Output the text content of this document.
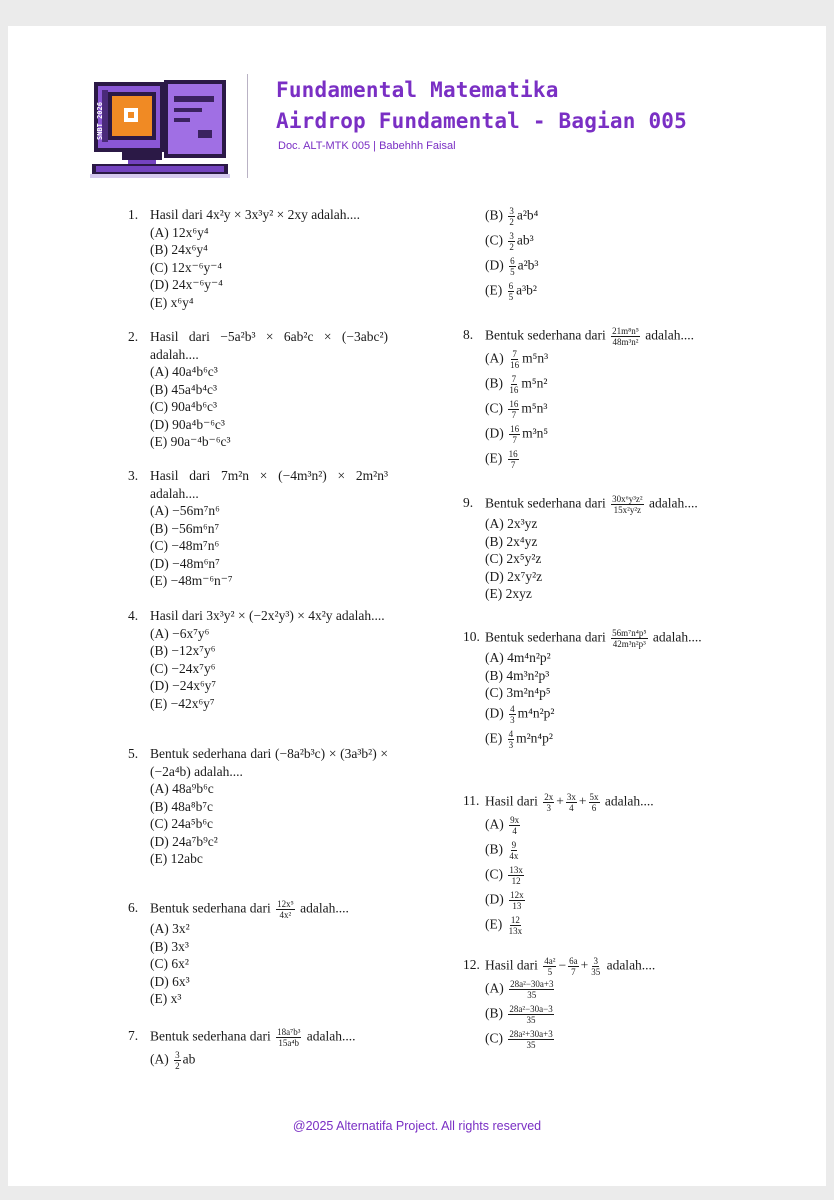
SNBT 2026
Fundamental Matematika
Airdrop Fundamental - Bagian 005
Doc. ALT-MTK 005 | Babehhh Faisal
1. Hasil dari 4x²y × 3x³y² × 2xy adalah....
(A) 12x⁶y⁴
(B) 24x⁶y⁴
(C) 12x⁻⁶y⁻⁴
(D) 24x⁻⁶y⁻⁴
(E) x⁶y⁴
2. Hasil dari −5a²b³ × 6ab²c × (−3abc²) adalah....
(A) 40a⁴b⁶c³
(B) 45a⁴b⁴c³
(C) 90a⁴b⁶c³
(D) 90a⁴b⁻⁶c³
(E) 90a⁻⁴b⁻⁶c³
3. Hasil dari 7m²n × (−4m³n²) × 2m²n³ adalah....
(A) −56m⁷n⁶
(B) −56m⁶n⁷
(C) −48m⁷n⁶
(D) −48m⁶n⁷
(E) −48m⁻⁶n⁻⁷
4. Hasil dari 3x³y² × (−2x²y³) × 4x²y adalah....
(A) −6x⁷y⁶
(B) −12x⁷y⁶
(C) −24x⁷y⁶
(D) −24x⁶y⁷
(E) −42x⁶y⁷
5. Bentuk sederhana dari (−8a²b³c) × (3a³b²) × (−2a⁴b) adalah....
(A) 48a⁹b⁶c
(B) 48a⁸b⁷c
(C) 24a⁵b⁶c
(D) 24a⁷b⁹c²
(E) 12abc
6. Bentuk sederhana dari $\frac{\text{12x⁵}}{\text{4x²}}$ adalah....
(A) 3x²
(B) 3x³
(C) 6x²
(D) 6x³
(E) x³
7. Bentuk sederhana dari $\frac{\text{18a⁷b³}}{\text{15a⁴b}}$ adalah....
$(A) \frac{3}{2}$ ab
$(B) \frac{3}{2} a^2b^4$
$(C) \frac{3}{2} ab^3$
$(D) \frac{6}{5} a^2b^3$
$(E) \frac{6}{5} a^3b^2$
8. Bentuk sederhana dari $\frac{\text{21m⁸n⁵}}{\text{48m³n²}}$ adalah....
$(A) \frac{7}{16} m^5n^3$
$(B) \frac{7}{16} m^5n^2$
$(C) \frac{16}{7} m^5n^3$
$(D) \frac{16}{7} m^3n^5$
$(E) \frac{16}{7}$
9. Bentuk sederhana dari $\frac{\text{30x⁶y³z²}}{\text{15x²y²z}}$ adalah....
(A) 2x³yz
(B) 2x⁴yz
(C) 2x⁵y²z
(D) 2x⁷y²z
(E) 2xyz
10. Bentuk sederhana dari $\frac{\text{56m⁷n⁴p⁵}}{\text{42m³n²p³}}$ adalah....
(A) 4m⁴n²p²
(B) 4m³n²p³
(C) 3m²n⁴p⁵
$(D) \frac{4}{3} m^4n^2p^2$
$(E) \frac{4}{3} m^2n^4p^2$
11. Hasil dari $\frac{2x}{3} + \frac{3x}{4} + \frac{5x}{6}$ adalah....
$(A) \frac{9x}{4}$
$(B) \frac{9}{4x}$
$(C) \frac{13x}{12}$
$(D) \frac{12x}{13}$
$(E) \frac{12}{13x}$
12. Hasil dari $\frac{\text{4a²}}{5} - \frac{6a}{7} + \frac{3}{35}$ adalah....
$(A) \frac{\text{28a²−30a+3}}{35}$
$(B) \frac{\text{28a²−30a−3}}{35}$
$(C) \frac{\text{28a²+30a+3}}{35}$
@2025 Alternatifa Project. All rights reserved
